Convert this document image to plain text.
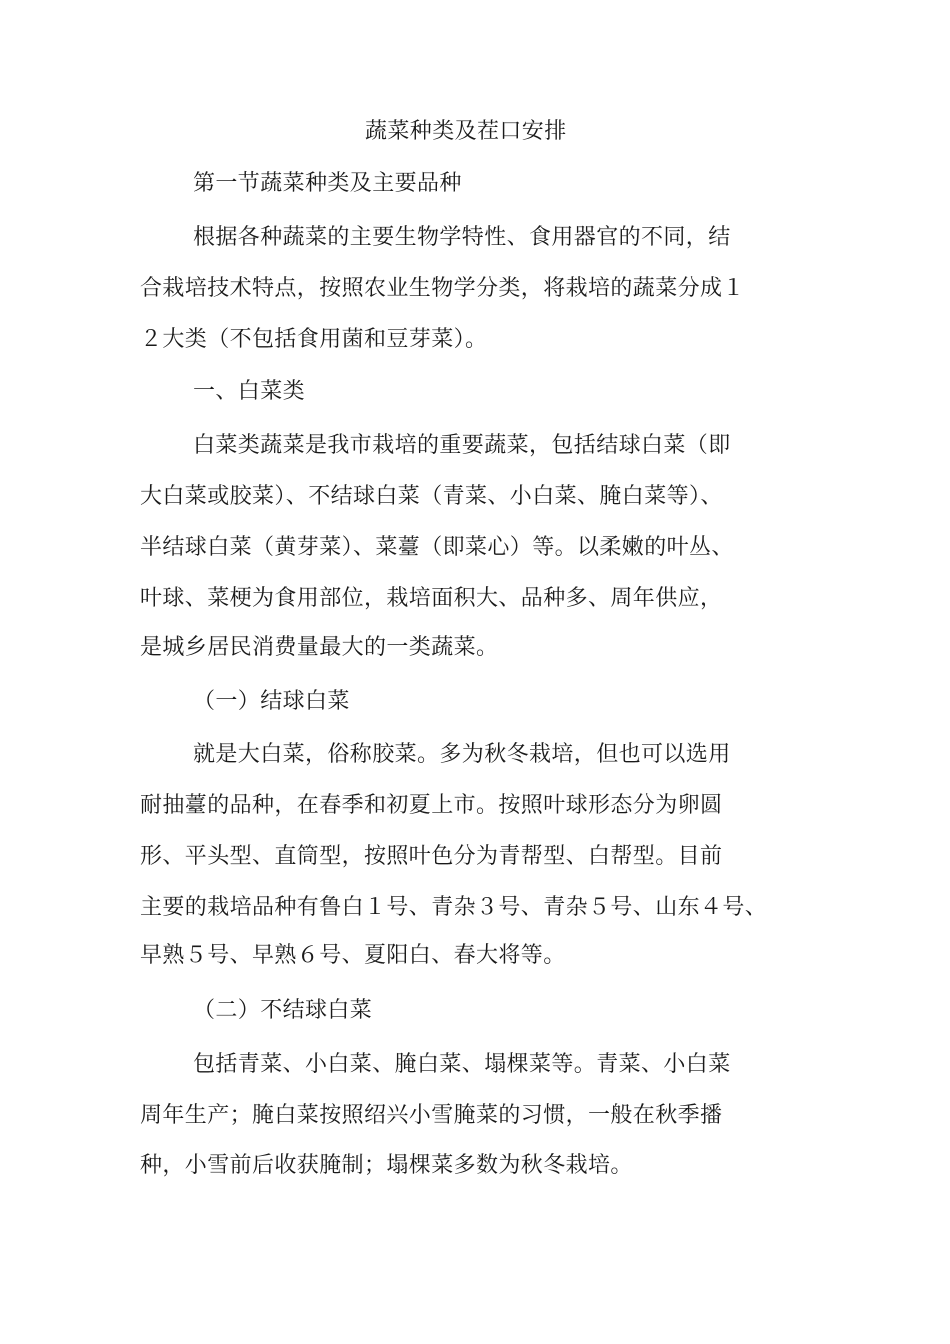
蔬菜种类及茬口安排
第一节蔬菜种类及主要品种
根据各种蔬菜的主要生物学特性、食用器官的不同，结
合栽培技术特点，按照农业生物学分类，将栽培的蔬菜分成１
２大类（不包括食用菌和豆芽菜）。
一、白菜类
白菜类蔬菜是我市栽培的重要蔬菜，包括结球白菜（即
大白菜或胶菜）、不结球白菜（青菜、小白菜、腌白菜等）、
半结球白菜（黄芽菜）、菜薹（即菜心）等。以柔嫩的叶丛、
叶球、菜梗为食用部位，栽培面积大、品种多、周年供应，
是城乡居民消费量最大的一类蔬菜。
（一）结球白菜
就是大白菜，俗称胶菜。多为秋冬栽培，但也可以选用
耐抽薹的品种，在春季和初夏上市。按照叶球形态分为卵圆
形、平头型、直筒型，按照叶色分为青帮型、白帮型。目前
主要的栽培品种有鲁白１号、青杂３号、青杂５号、山东４号、
早熟５号、早熟６号、夏阳白、春大将等。
（二）不结球白菜
包括青菜、小白菜、腌白菜、塌棵菜等。青菜、小白菜
周年生产；腌白菜按照绍兴小雪腌菜的习惯，一般在秋季播
种，小雪前后收获腌制；塌棵菜多数为秋冬栽培。
